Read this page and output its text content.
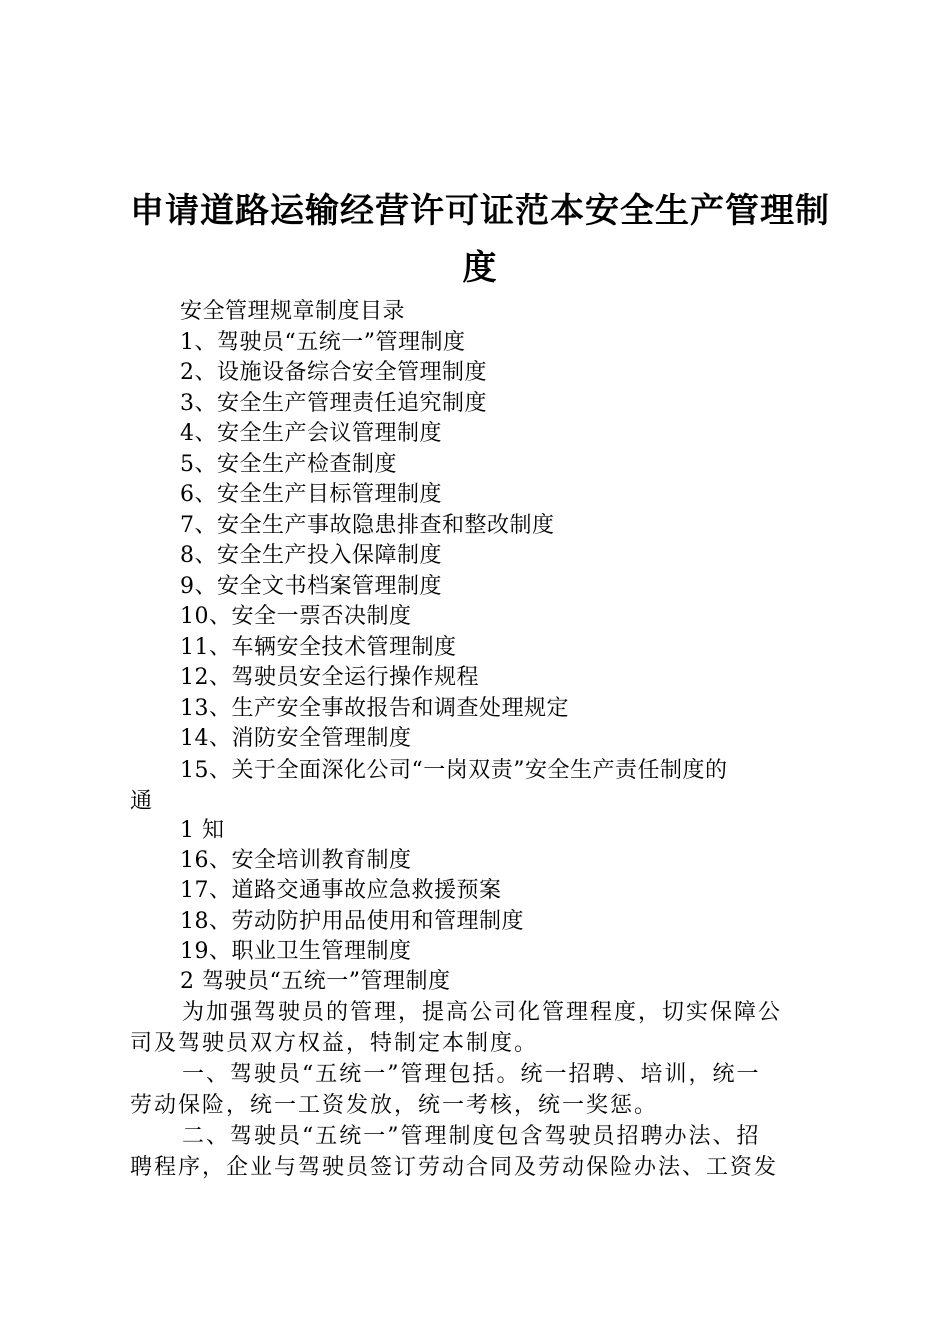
申请道路运输经营许可证范本安全生产管理制
度
安全管理规章制度目录
1、驾驶员“五统一”管理制度
2、设施设备综合安全管理制度
3、安全生产管理责任追究制度
4、安全生产会议管理制度
5、安全生产检查制度
6、安全生产目标管理制度
7、安全生产事故隐患排查和整改制度
8、安全生产投入保障制度
9、安全文书档案管理制度
10、安全一票否决制度
11、车辆安全技术管理制度
12、驾驶员安全运行操作规程
13、生产安全事故报告和调查处理规定
14、消防安全管理制度
15、关于全面深化公司“一岗双责”安全生产责任制度的
通
1 知
16、安全培训教育制度
17、道路交通事故应急救援预案
18、劳动防护用品使用和管理制度
19、职业卫生管理制度
2 驾驶员“五统一”管理制度
为加强驾驶员的管理，提高公司化管理程度，切实保障公
司及驾驶员双方权益，特制定本制度。
一、驾驶员“五统一”管理包括。统一招聘、培训，统一
劳动保险，统一工资发放，统一考核，统一奖惩。
二、驾驶员“五统一”管理制度包含驾驶员招聘办法、招
聘程序，企业与驾驶员签订劳动合同及劳动保险办法、工资发
